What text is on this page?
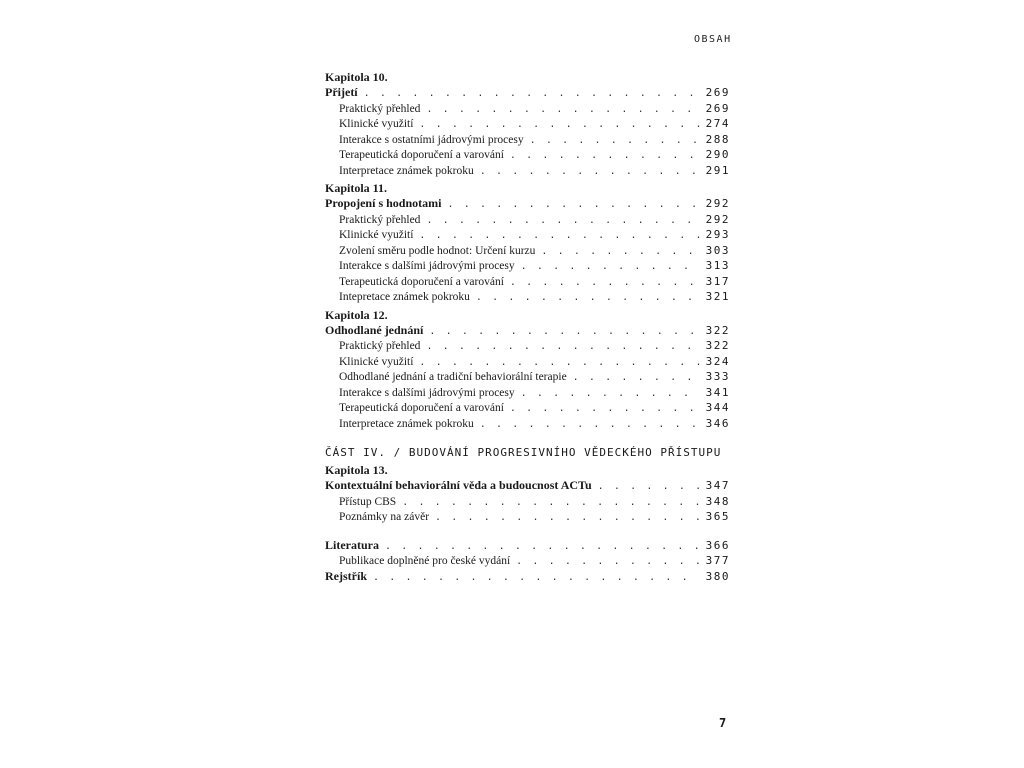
OBSAH
Kapitola 10.
Přijetí . . .	269
Praktický přehled . . .	269
Klinické využití . . .	274
Interakce s ostatními jádrovými procesy . . .	288
Terapeutická doporučení a varování . . .	290
Interpretace známek pokroku . . .	291
Kapitola 11.
Propojení s hodnotami . . .	292
Praktický přehled . . .	292
Klinické využití . . .	293
Zvolení směru podle hodnot: Určení kurzu . . .	303
Interakce s dalšími jádrovými procesy . . .	313
Terapeutická doporučení a varování . . .	317
Intepretace známek pokroku . . .	321
Kapitola 12.
Odhodlané jednání . . .	322
Praktický přehled . . .	322
Klinické využití . . .	324
Odhodlané jednání a tradiční behaviorální terapie . . .	333
Interakce s dalšími jádrovými procesy . . .	341
Terapeutická doporučení a varování . . .	344
Interpretace známek pokroku . . .	346
ČÁST IV. / BUDOVÁNÍ PROGRESIVNÍHO VĚDECKÉHO PŘÍSTUPU
Kapitola 13.
Kontextuální behaviorální věda a budoucnost ACTu . . .	347
Přístup CBS . . .	348
Poznámky na závěr . . .	365
Literatura . . .	366
Publikace doplněné pro české vydání . . .	377
Rejstřík . . .	380
7
